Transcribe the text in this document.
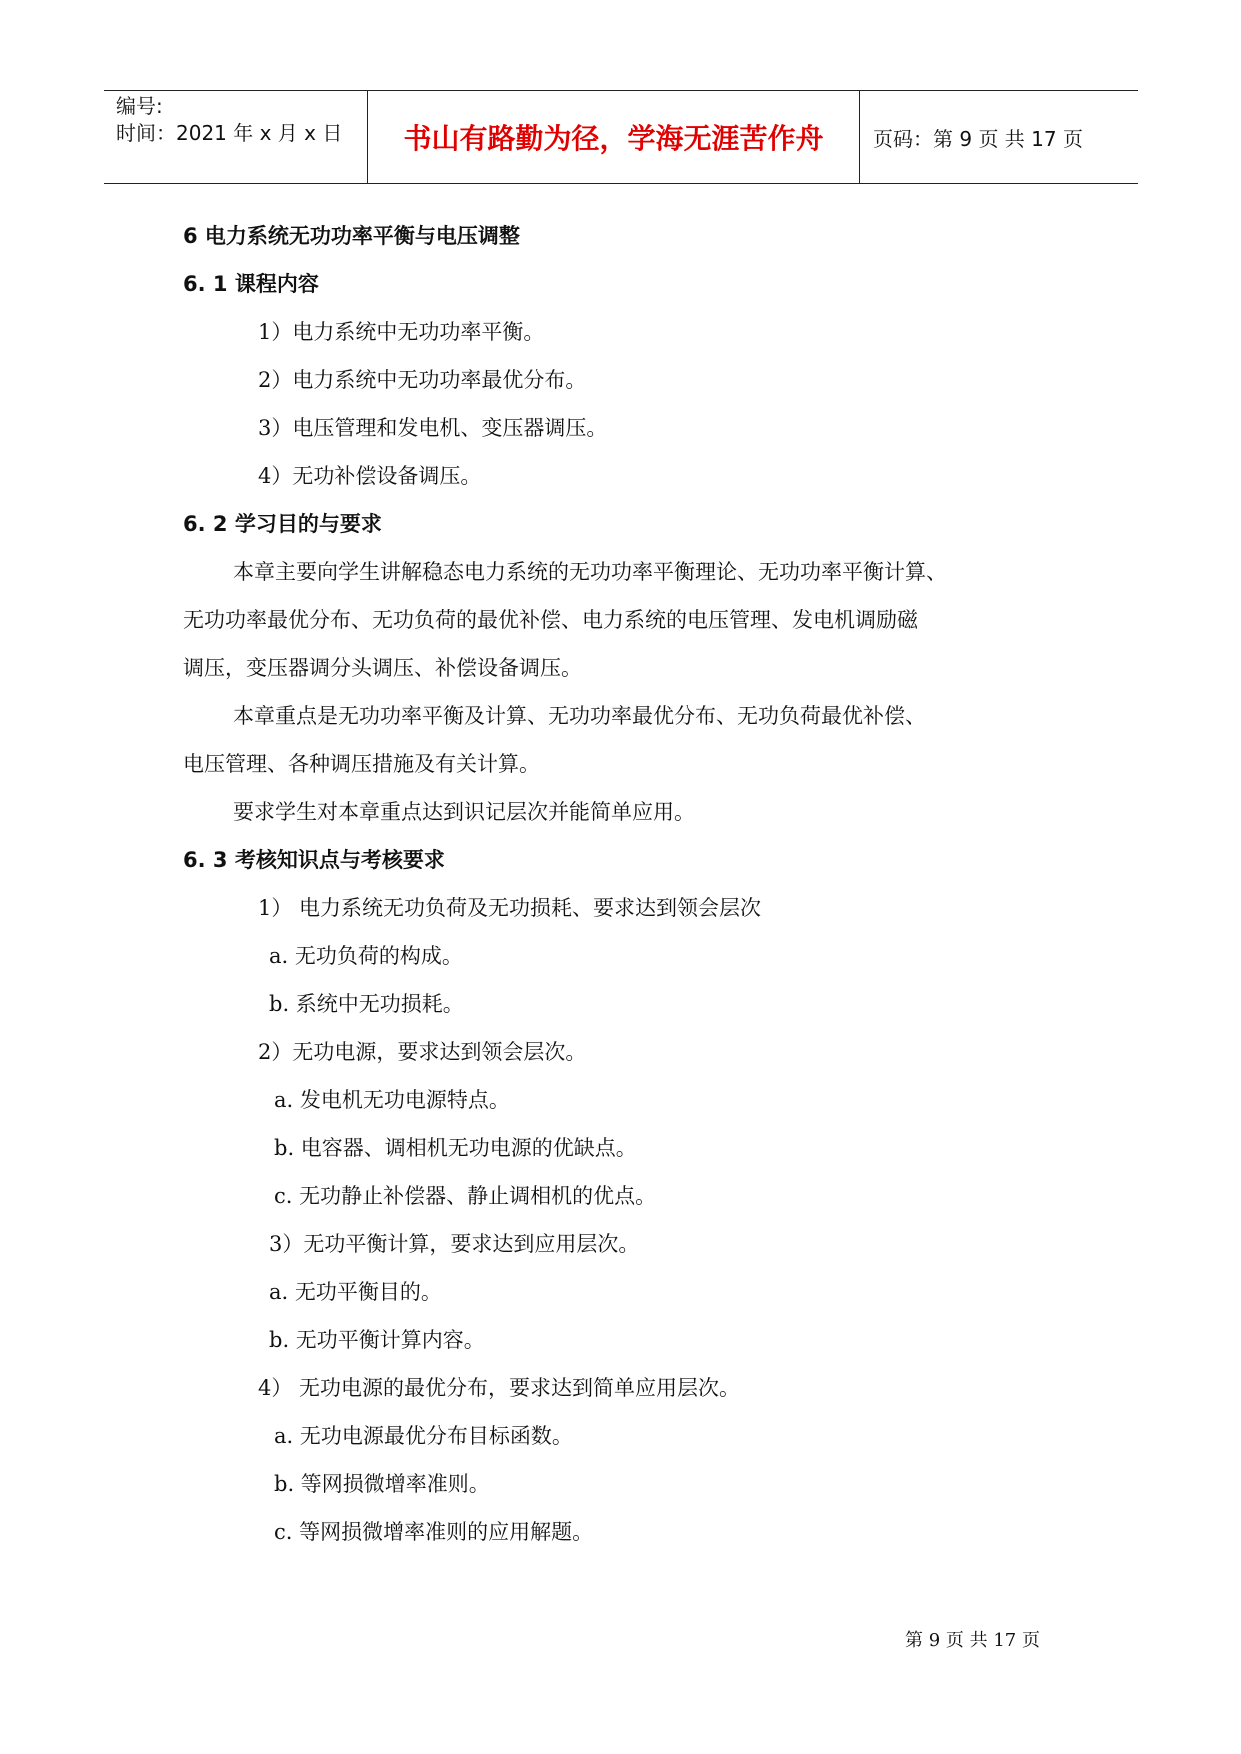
编号:
时间：2021 年 x 月 x 日	书山有路勤为径，学海无涯苦作舟	页码：第 9 页 共 17 页
6 电力系统无功功率平衡与电压调整
6. 1 课程内容
1）电力系统中无功功率平衡。
2）电力系统中无功功率最优分布。
3）电压管理和发电机、变压器调压。
4）无功补偿设备调压。
6. 2 学习目的与要求
本章主要向学生讲解稳态电力系统的无功功率平衡理论、无功功率平衡计算、
无功功率最优分布、无功负荷的最优补偿、电力系统的电压管理、发电机调励磁
调压，变压器调分头调压、补偿设备调压。
本章重点是无功功率平衡及计算、无功功率最优分布、无功负荷最优补偿、
电压管理、各种调压措施及有关计算。
要求学生对本章重点达到识记层次并能简单应用。
6. 3 考核知识点与考核要求
1） 电力系统无功负荷及无功损耗、要求达到领会层次
a. 无功负荷的构成。
b. 系统中无功损耗。
2）无功电源，要求达到领会层次。
a. 发电机无功电源特点。
b. 电容器、调相机无功电源的优缺点。
c. 无功静止补偿器、静止调相机的优点。
3）无功平衡计算，要求达到应用层次。
a. 无功平衡目的。
b. 无功平衡计算内容。
4） 无功电源的最优分布，要求达到简单应用层次。
a. 无功电源最优分布目标函数。
b. 等网损微增率准则。
c. 等网损微增率准则的应用解题。
第 9 页 共 17 页
